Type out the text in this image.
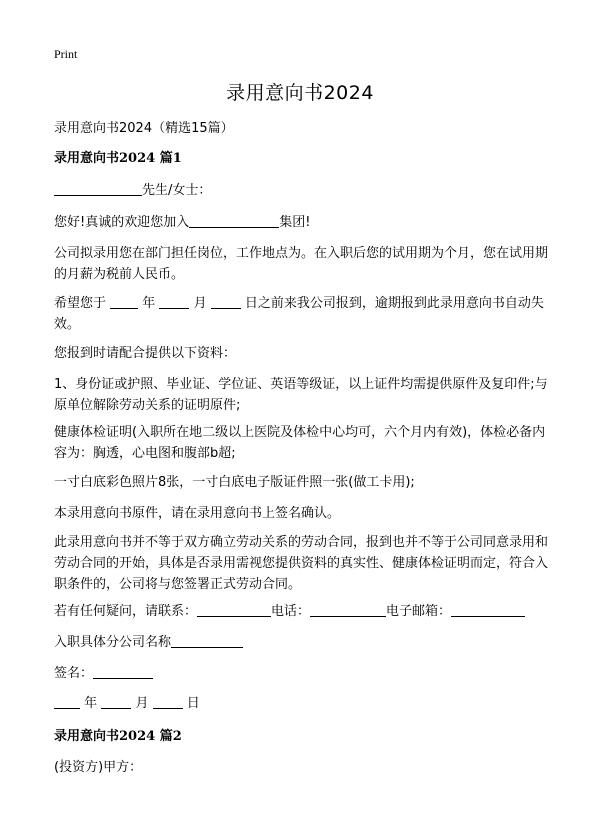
Print
录用意向书2024
录用意向书2024（精选15篇）
录用意向书2024 篇1
先生/女士：
您好!真诚的欢迎您加入	集团!
公司拟录用您在部门担任岗位，工作地点为。在入职后您的试用期为个月，您在试用期的月薪为税前人民币。
希望您于	年	月	日之前来我公司报到，逾期报到此录用意向书自动失效。
您报到时请配合提供以下资料：
1、身份证或护照、毕业证、学位证、英语等级证，以上证件均需提供原件及复印件;与原单位解除劳动关系的证明原件;
健康体检证明(入职所在地二级以上医院及体检中心均可，六个月内有效)，体检必备内容为：胸透，心电图和腹部b超;
一寸白底彩色照片8张，一寸白底电子版证件照一张(做工卡用);
本录用意向书原件，请在录用意向书上签名确认。
此录用意向书并不等于双方确立劳动关系的劳动合同，报到也并不等于公司同意录用和劳动合同的开始，具体是否录用需视您提供资料的真实性、健康体检证明而定，符合入职条件的，公司将与您签署正式劳动合同。
若有任何疑问，请联系：	电话：	电子邮箱：
入职具体分公司名称
签名：
年	月	日
录用意向书2024 篇2
(投资方)甲方：
